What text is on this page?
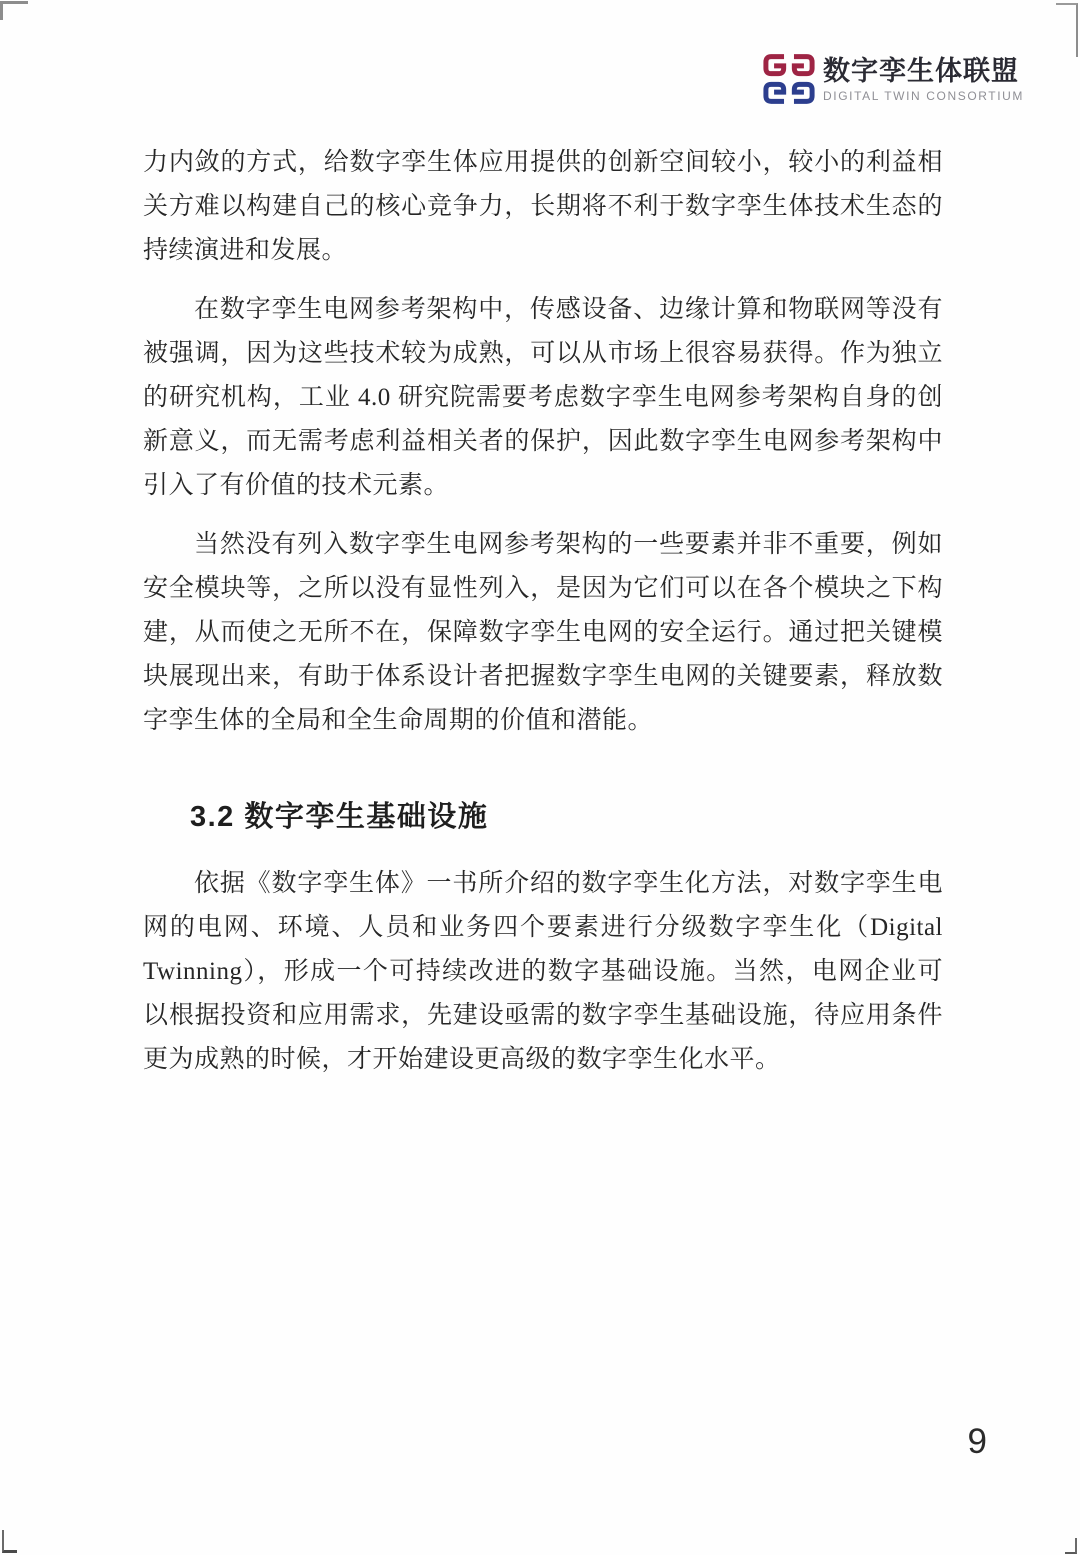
数字孪生体联盟
DIGITAL TWIN CONSORTIUM

力内敛的方式，给数字孪生体应用提供的创新空间较小，较小的利益相关方难以构建自己的核心竞争力，长期将不利于数字孪生体技术生态的持续演进和发展。

在数字孪生电网参考架构中，传感设备、边缘计算和物联网等没有被强调，因为这些技术较为成熟，可以从市场上很容易获得。作为独立的研究机构，工业 4.0 研究院需要考虑数字孪生电网参考架构自身的创新意义，而无需考虑利益相关者的保护，因此数字孪生电网参考架构中引入了有价值的技术元素。

当然没有列入数字孪生电网参考架构的一些要素并非不重要，例如安全模块等，之所以没有显性列入，是因为它们可以在各个模块之下构建，从而使之无所不在，保障数字孪生电网的安全运行。通过把关键模块展现出来，有助于体系设计者把握数字孪生电网的关键要素，释放数字孪生体的全局和全生命周期的价值和潜能。

3.2 数字孪生基础设施

依据《数字孪生体》一书所介绍的数字孪生化方法，对数字孪生电网的电网、环境、人员和业务四个要素进行分级数字孪生化（Digital Twinning），形成一个可持续改进的数字基础设施。当然，电网企业可以根据投资和应用需求，先建设亟需的数字孪生基础设施，待应用条件更为成熟的时候，才开始建设更高级的数字孪生化水平。

9
